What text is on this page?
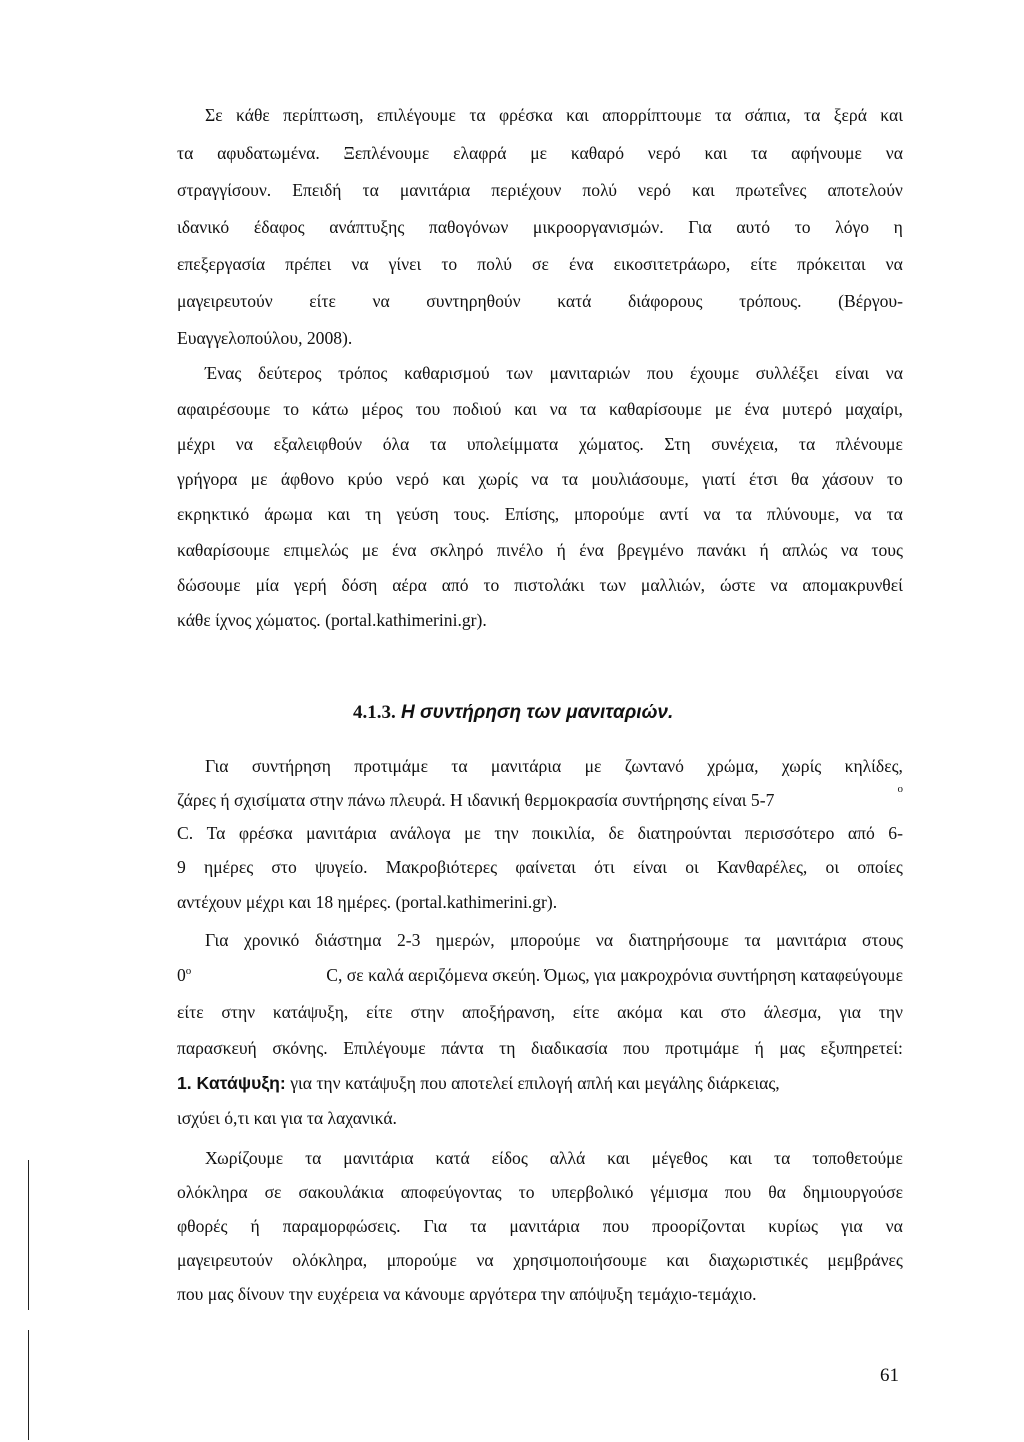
Σε κάθε περίπτωση, επιλέγουμε τα φρέσκα και απορρίπτουμε τα σάπια, τα ξερά και
τα αφυδατωμένα. Ξεπλένουμε ελαφρά με καθαρό νερό και τα αφήνουμε να
στραγγίσουν. Επειδή τα μανιτάρια περιέχουν πολύ νερό και πρωτεΐνες αποτελούν
ιδανικό έδαφος ανάπτυξης παθογόνων μικροοργανισμών. Για αυτό το λόγο η
επεξεργασία πρέπει να γίνει το πολύ σε ένα εικοσιτετράωρο, είτε πρόκειται να
μαγειρευτούν είτε να συντηρηθούν κατά διάφορους τρόπους. (Βέργου-
Ευαγγελοπούλου, 2008).
Ένας δεύτερος τρόπος καθαρισμού των μανιταριών που έχουμε συλλέξει είναι να
αφαιρέσουμε το κάτω μέρος του ποδιού και να τα καθαρίσουμε με ένα μυτερό μαχαίρι,
μέχρι να εξαλειφθούν όλα τα υπολείμματα χώματος. Στη συνέχεια, τα πλένουμε
γρήγορα με άφθονο κρύο νερό και χωρίς να τα μουλιάσουμε, γιατί έτσι θα χάσουν το
εκρηκτικό άρωμα και τη γεύση τους. Επίσης, μπορούμε αντί να τα πλύνουμε, να τα
καθαρίσουμε επιμελώς με ένα σκληρό πινέλο ή ένα βρεγμένο πανάκι ή απλώς να τους
δώσουμε μία γερή δόση αέρα από το πιστολάκι των μαλλιών, ώστε να απομακρυνθεί
κάθε ίχνος χώματος. (portal.kathimerini.gr).
4.1.3. Η συντήρηση των μανιταριών.
Για συντήρηση προτιμάμε τα μανιτάρια με ζωντανό χρώμα, χωρίς κηλίδες,
ζάρες ή σχισίματα στην πάνω πλευρά. Η ιδανική θερμοκρασία συντήρησης είναι 5-7
o
C. Τα φρέσκα μανιτάρια ανάλογα με την ποικιλία, δε διατηρούνται περισσότερο από 6-
9 ημέρες στο ψυγείο. Μακροβιότερες φαίνεται ότι είναι οι Κανθαρέλες, οι οποίες
αντέχουν μέχρι και 18 ημέρες. (portal.kathimerini.gr).
Για χρονικό διάστημα 2-3 ημερών, μπορούμε να διατηρήσουμε τα μανιτάρια στους
0$^o$	C, σε καλά αεριζόμενα σκεύη. Όμως, για μακροχρόνια συντήρηση καταφεύγουμε
είτε στην κατάψυξη, είτε στην αποξήρανση, είτε ακόμα και στο άλεσμα, για την
παρασκευή σκόνης. Επιλέγουμε πάντα τη διαδικασία που προτιμάμε ή μας εξυπηρετεί:
1. Κατάψυξη: για την κατάψυξη που αποτελεί επιλογή απλή και μεγάλης διάρκειας,
ισχύει ό,τι και για τα λαχανικά.
Χωρίζουμε τα μανιτάρια κατά είδος αλλά και μέγεθος και τα τοποθετούμε
ολόκληρα σε σακουλάκια αποφεύγοντας το υπερβολικό γέμισμα που θα δημιουργούσε
φθορές ή παραμορφώσεις. Για τα μανιτάρια που προορίζονται κυρίως για να
μαγειρευτούν ολόκληρα, μπορούμε να χρησιμοποιήσουμε και διαχωριστικές μεμβράνες
που μας δίνουν την ευχέρεια να κάνουμε αργότερα την απόψυξη τεμάχιο-τεμάχιο.
61
